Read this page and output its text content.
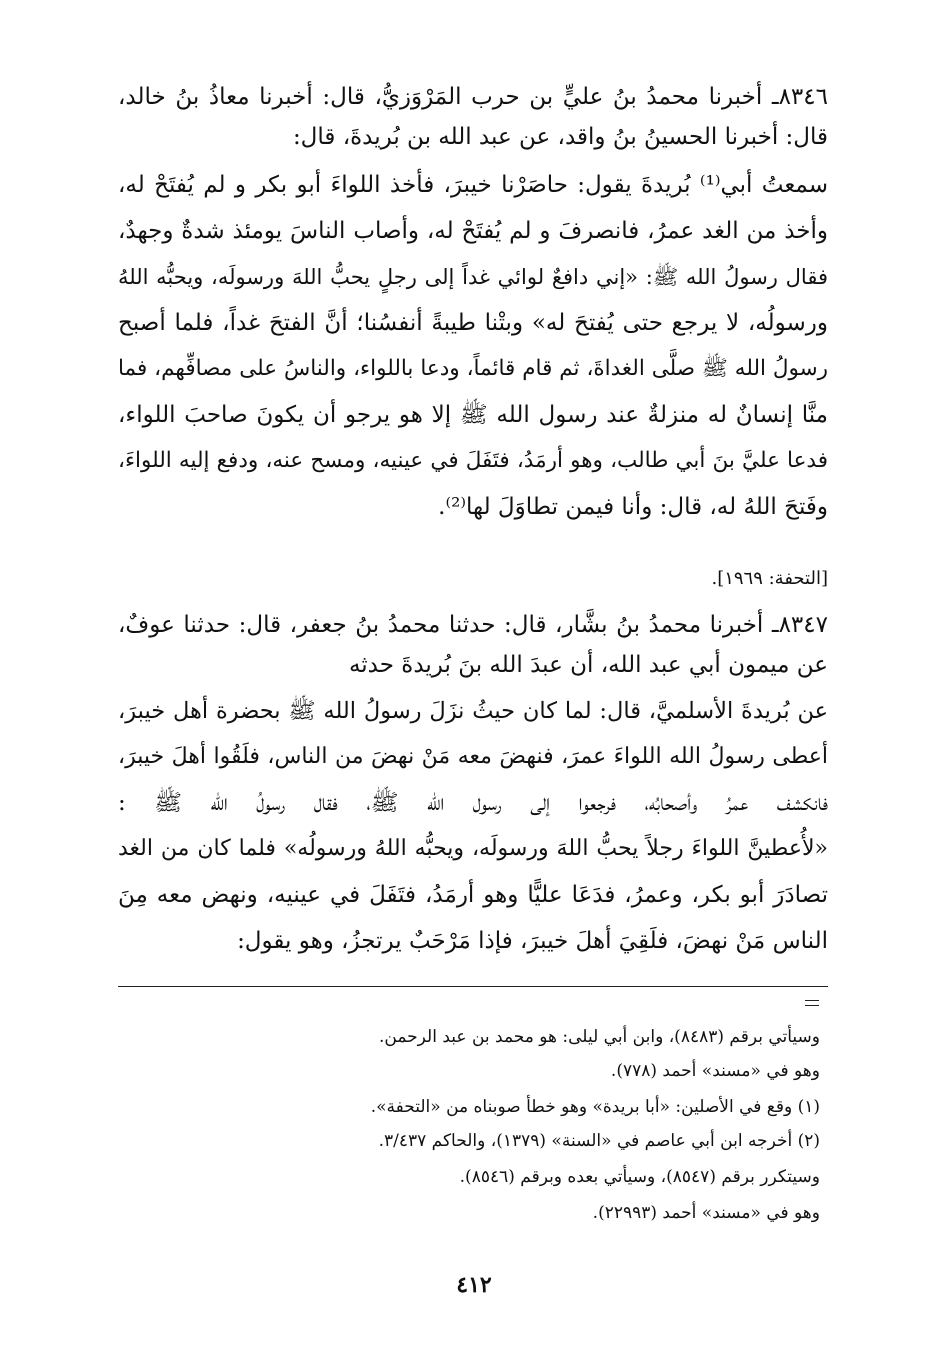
٨٣٤٦ـ أخبرنا محمدُ بنُ عليٍّ بن حرب المَرْوَزيُّ، قال: أخبرنا معاذُ بنُ خالد،
قال: أخبرنا الحسينُ بنُ واقد، عن عبد الله بن بُريدةَ، قال:
سمعتُ أبي⁽¹⁾ بُريدةَ يقول: حاصَرْنا خيبرَ، فأخذ اللواءَ أبو بكر و لم يُفتَحْ له،
وأخذ من الغد عمرُ، فانصرفَ و لم يُفتَحْ له، وأصاب الناسَ يومئذ شدةٌ وجهدٌ،
فقال رسولُ الله ﷺ: «إني دافعٌ لوائي غداً إلى رجلٍ يحبُّ اللهَ ورسولَه، ويحبُّه اللهُ
ورسولُه، لا يرجع حتى يُفتحَ له» وبتْنا طيبةً أنفسُنا؛ أنَّ الفتحَ غداً، فلما أصبح
رسولُ الله ﷺ صلَّى الغداةَ، ثم قام قائماً، ودعا باللواء، والناسُ على مصافِّهم، فما
منَّا إنسانٌ له منزلةٌ عند رسول الله ﷺ إلا هو يرجو أن يكونَ صاحبَ اللواء،
فدعا عليَّ بنَ أبي طالب، وهو أرمَدُ، فتَفَلَ في عينيه، ومسح عنه، ودفع إليه اللواءَ،
وفَتحَ اللهُ له، قال: وأنا فيمن تطاوَلَ لها⁽²⁾.
[التحفة: ١٩٦٩].
٨٣٤٧ـ أخبرنا محمدُ بنُ بشَّار، قال: حدثنا محمدُ بنُ جعفر، قال: حدثنا عوفٌ،
عن ميمون أبي عبد الله، أن عبدَ الله بنَ بُريدةَ حدثه
عن بُريدةَ الأسلميَّ، قال: لما كان حيثُ نزَلَ رسولُ الله ﷺ بحضرة أهل خيبرَ،
أعطى رسولُ الله اللواءَ عمرَ، فنهضَ معه مَنْ نهضَ من الناس، فلَقُوا أهلَ خيبرَ،
فانكشف عمرُ وأصحابُه، فرجعوا إلى رسول الله ﷺ، فقال رسولُ الله ﷺ :
«لأُعطينَّ اللواءَ رجلاً يحبُّ اللهَ ورسولَه، ويحبُّه اللهُ ورسولُه» فلما كان من الغد
تصادَرَ أبو بكر، وعمرُ، فدَعَا عليًّا وهو أرمَدُ، فتَفَلَ في عينيه، ونهض معه مِنَ
الناس مَنْ نهضَ، فلَقِيَ أهلَ خيبرَ، فإذا مَرْحَبٌ يرتجزُ، وهو يقول:
وسيأتي برقم (٨٤٨٣)، وابن أبي ليلى: هو محمد بن عبد الرحمن.
وهو في «مسند» أحمد (٧٧٨).
(١) وقع في الأصلين: «أبا بريدة» وهو خطأ صوبناه من «التحفة».
(٢) أخرجه ابن أبي عاصم في «السنة» (١٣٧٩)، والحاكم ٣/٤٣٧.
وسيتكرر برقم (٨٥٤٧)، وسيأتي بعده وبرقم (٨٥٤٦).
وهو في «مسند» أحمد (٢٢٩٩٣).
٤١٢
